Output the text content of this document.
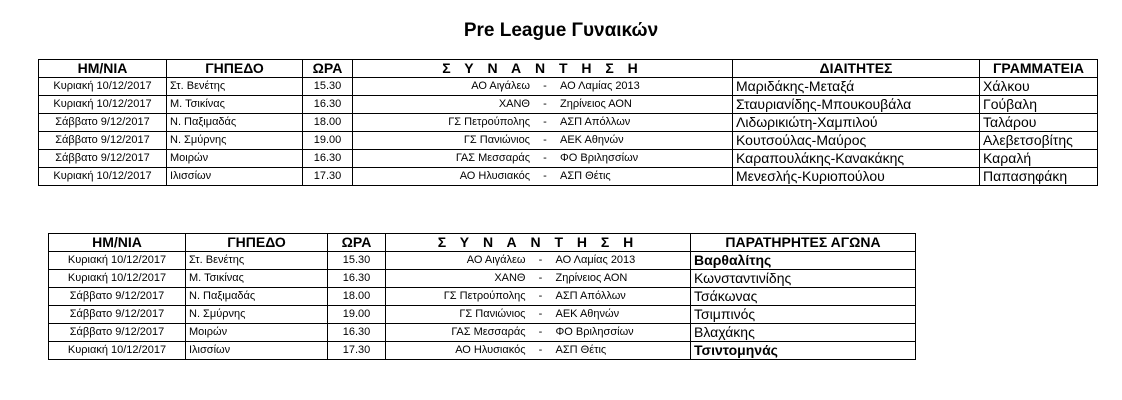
Pre League Γυναικών
ΗΜ/ΝΙΑ	ΓΗΠΕΔΟ	ΩΡΑ	Σ Υ Ν Α Ν Τ Η Σ Η	ΔΙΑΙΤΗΤΕΣ	ΓΡΑΜΜΑΤΕΙΑ
Κυριακή 10/12/2017	Στ. Βενέτης	15.30	ΑΟ Αιγάλεω - ΑΟ Λαμίας 2013	Μαριδάκης-Μεταξά	Χάλκου
Κυριακή 10/12/2017	Μ. Τσικίνας	16.30	ΧΑΝΘ - Ζηρίνειος ΑΟΝ	Σταυριανίδης-Μπουκουβάλα	Γούβαλη
Σάββατο 9/12/2017	Ν. Παξιμαδάς	18.00	ΓΣ Πετρούπολης - ΑΣΠ Απόλλων	Λιδωρικιώτη-Χαμπιλού	Ταλάρου
Σάββατο 9/12/2017	Ν. Σμύρνης	19.00	ΓΣ Πανιώνιος - ΑΕΚ Αθηνών	Κουτσούλας-Μαύρος	Αλεβετσοβίτης
Σάββατο 9/12/2017	Μοιρών	16.30	ΓΑΣ Μεσσαράς - ΦΟ Βριλησσίων	Καραπουλάκης-Κανακάκης	Καραλή
Κυριακή 10/12/2017	Ιλισσίων	17.30	ΑΟ Ηλυσιακός - ΑΣΠ Θέτις	Μενεσλής-Κυριοπούλου	Παπασηφάκη
ΗΜ/ΝΙΑ	ΓΗΠΕΔΟ	ΩΡΑ	Σ Υ Ν Α Ν Τ Η Σ Η	ΠΑΡΑΤΗΡΗΤΕΣ ΑΓΩΝΑ
Κυριακή 10/12/2017	Στ. Βενέτης	15.30	ΑΟ Αιγάλεω - ΑΟ Λαμίας 2013	Βαρθαλίτης
Κυριακή 10/12/2017	Μ. Τσικίνας	16.30	ΧΑΝΘ - Ζηρίνειος ΑΟΝ	Κωνσταντινίδης
Σάββατο 9/12/2017	Ν. Παξιμαδάς	18.00	ΓΣ Πετρούπολης - ΑΣΠ Απόλλων	Τσάκωνας
Σάββατο 9/12/2017	Ν. Σμύρνης	19.00	ΓΣ Πανιώνιος - ΑΕΚ Αθηνών	Τσιμπινός
Σάββατο 9/12/2017	Μοιρών	16.30	ΓΑΣ Μεσσαράς - ΦΟ Βριλησσίων	Βλαχάκης
Κυριακή 10/12/2017	Ιλισσίων	17.30	ΑΟ Ηλυσιακός - ΑΣΠ Θέτις	Τσιντομηνάς
